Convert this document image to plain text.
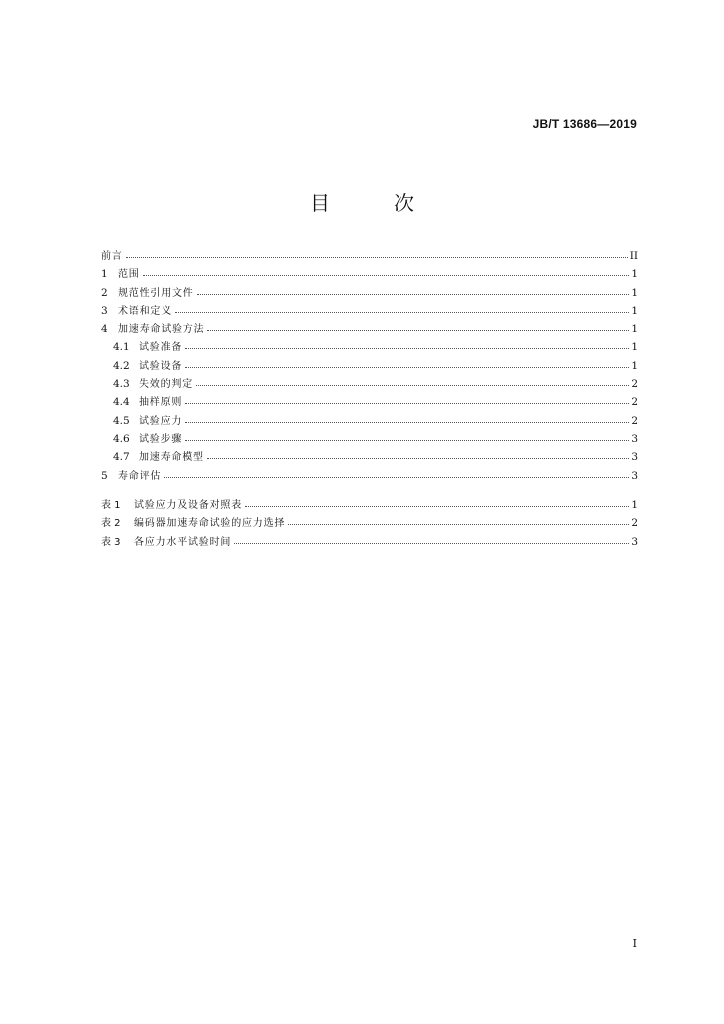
JB/T 13686—2019
目　次
前言	II
1	范围	1
2	规范性引用文件	1
3	术语和定义	1
4	加速寿命试验方法	1
4.1 试验准备	1
4.2 试验设备	1
4.3 失效的判定	2
4.4 抽样原则	2
4.5 试验应力	2
4.6 试验步骤	3
4.7 加速寿命模型	3
5	寿命评估	3
表 1	试验应力及设备对照表	1
表 2	编码器加速寿命试验的应力选择	2
表 3	各应力水平试验时间	3
I
